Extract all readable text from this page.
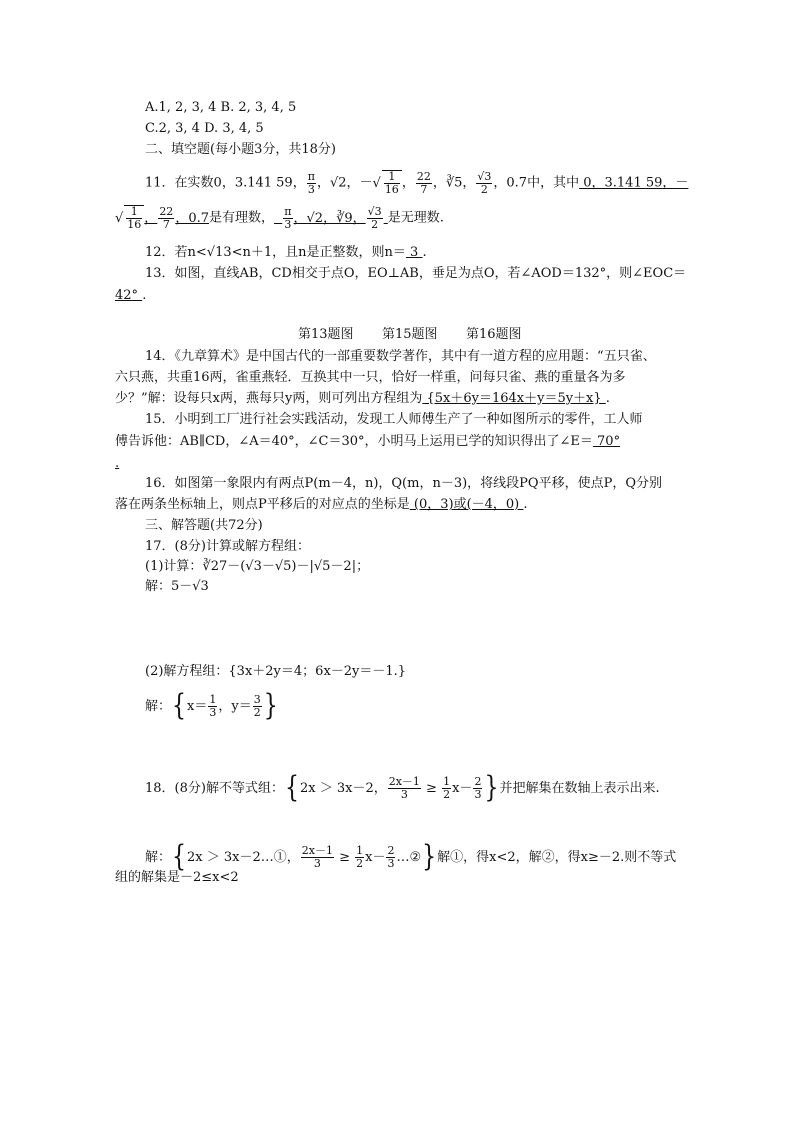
A.1, 2, 3, 4 B. 2, 3, 4, 5
C.2, 3, 4 D. 3, 4, 5
二、填空题(每小题3分，共18分)
11．在实数0，3.141 59， $\frac{\pi}{3}$ ，√2，－√ $\frac{1}{16}$ ， $\frac{22}{7}$ ，∛5， $\frac{√3}{2}$ ，0.7中，其中 0，3.141 59，－
√ $\frac{1}{16}$ ， $\frac{22}{7}$ ，0.7是有理数， $\frac{\pi}{3}$ ，√2，∛9， $\frac{√3}{2}$ 是无理数.
12．若n<√13<n＋1，且n是正整数，则n＝ 3 .
13．如图，直线AB，CD相交于点O，EO⊥AB，垂足为点O，若∠AOD＝132°，则∠EOC＝
42° .
第13题图 第15题图 第16题图
14．《九章算术》是中国古代的一部重要数学著作，其中有一道方程的应用题：“五只雀、
六只燕，共重16两，雀重燕轻．互换其中一只，恰好一样重，问每只雀、燕的重量各为多
少？”解：设每只x两，燕每只y两，则可列出方程组为 {5x＋6y＝164x＋y＝5y＋x} .
15．小明到工厂进行社会实践活动，发现工人师傅生产了一种如图所示的零件，工人师
傅告诉他：AB∥CD，∠A＝40°，∠C＝30°，小明马上运用已学的知识得出了∠E＝ 70°
.
16．如图第一象限内有两点P(m－4，n)，Q(m，n－3)，将线段PQ平移，使点P，Q分别
落在两条坐标轴上，则点P平移后的对应点的坐标是 (0，3)或(－4，0) .
三、解答题(共72分)
17．(8分)计算或解方程组：
(1)计算：∛27－(√3－√5)－|√5－2|；
解：5－√3
(2)解方程组：{3x＋2y＝4；6x－2y＝－1.}
解：{$x= \frac{1}{3}$ ，$y= \frac{3}{2}$ }
18．(8分)解不等式组：{2x ＞ 3x－2， $\frac{2x-1}{3} \ge \frac{1}{2} x- \frac{2}{3}$ }并把解集在数轴上表示出来.
解：{2x ＞ 3x－2…①， $\frac{2x-1}{3} \ge \frac{1}{2} x- \frac{2}{3}$ …②}解①，得x<2，解②，得x≥－2.则不等式
组的解集是－2≤x<2
